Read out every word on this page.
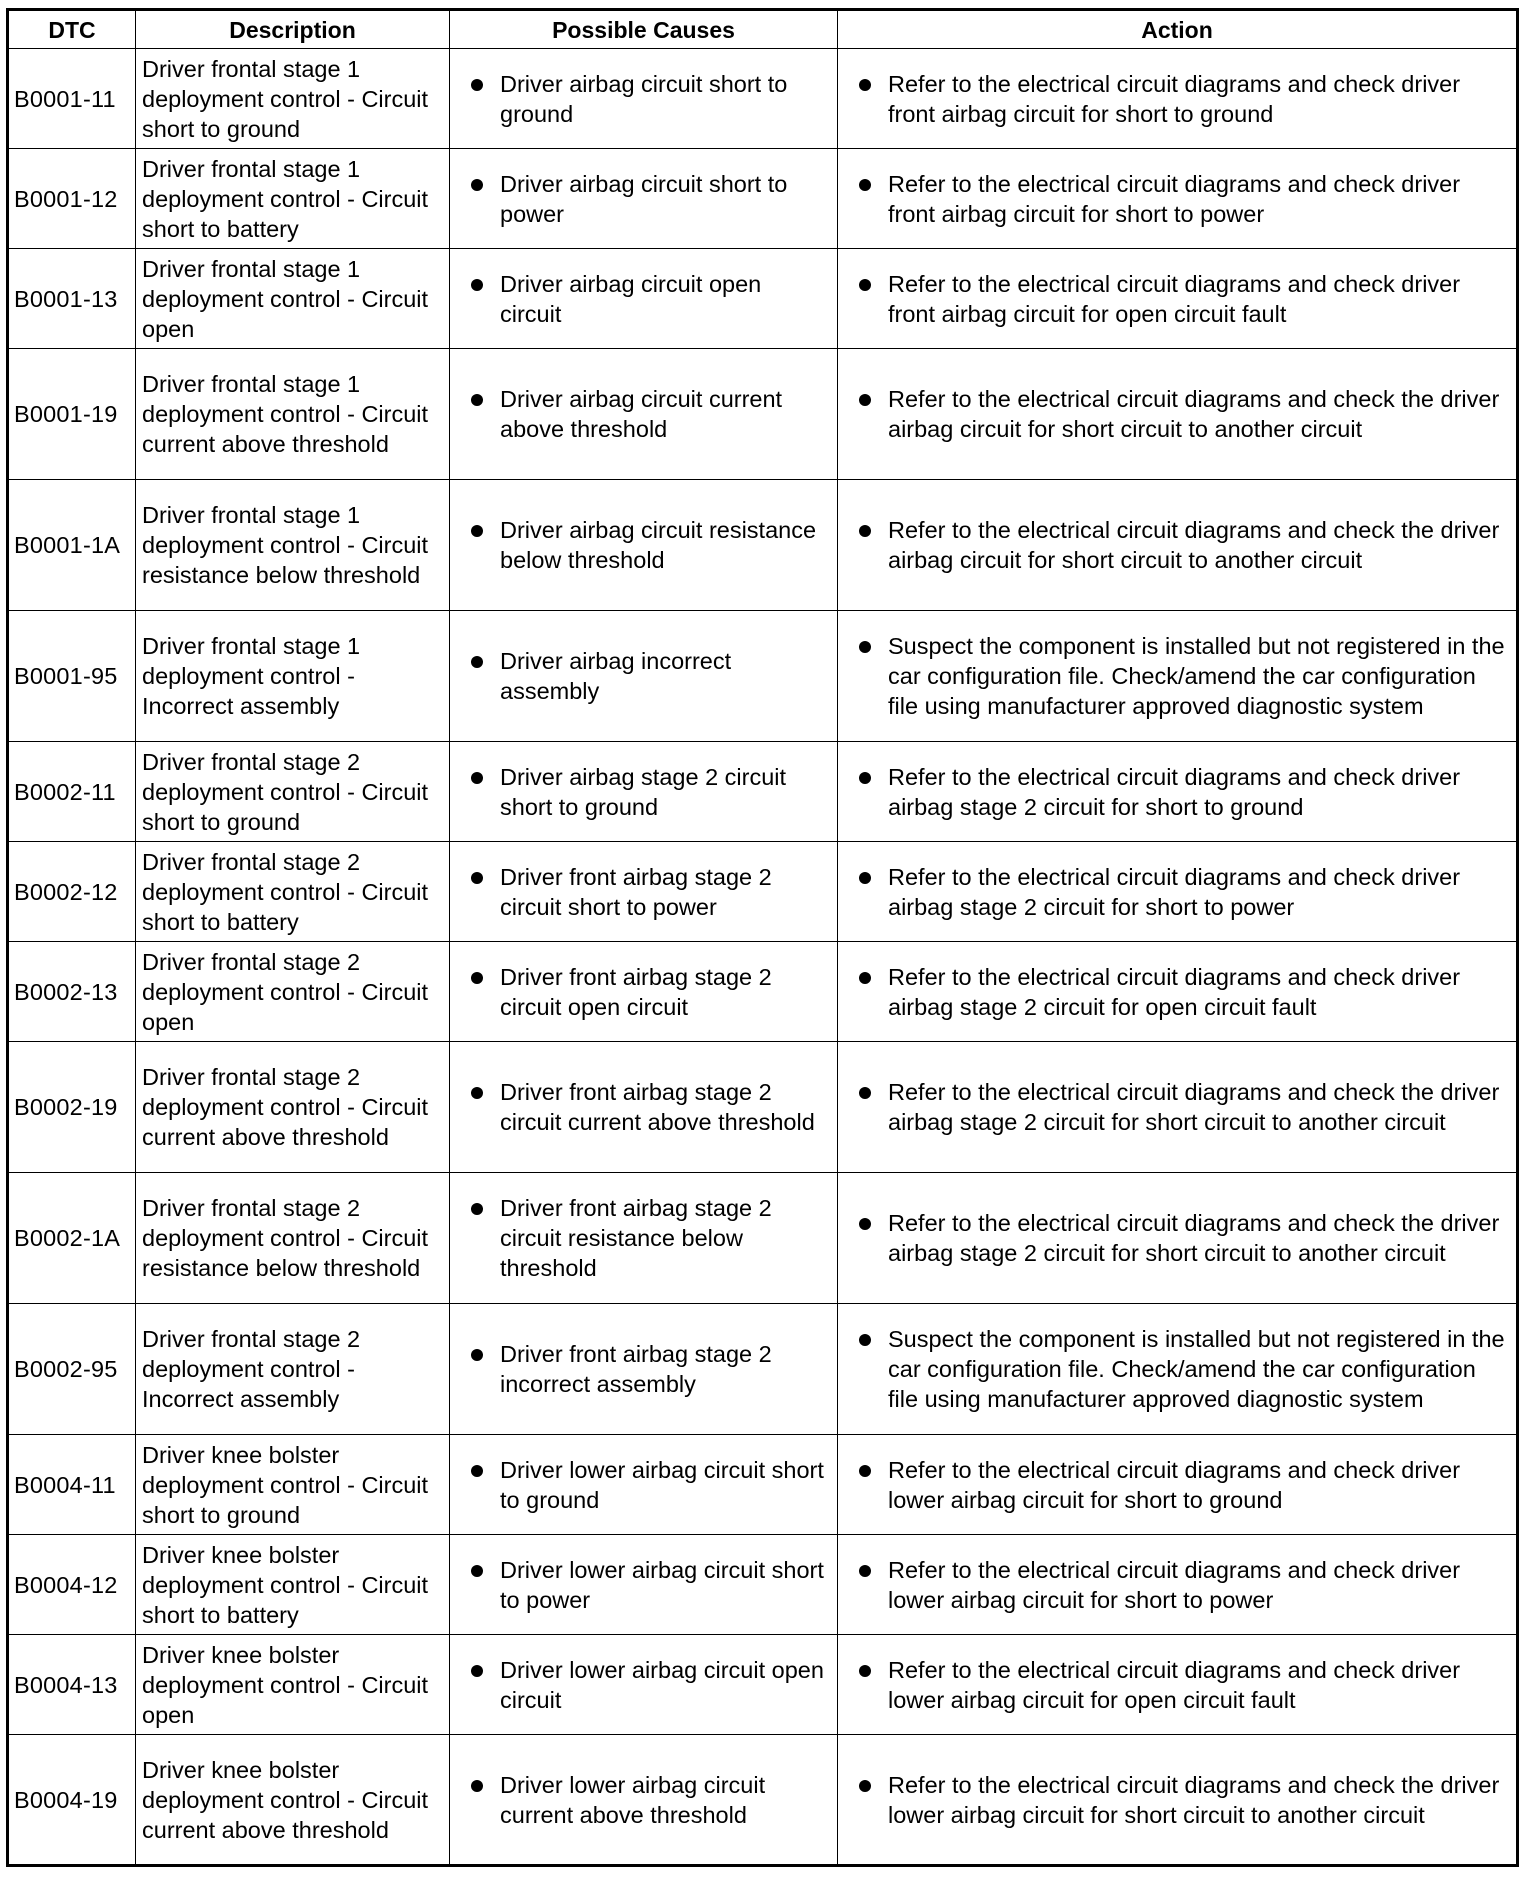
DTC	Description	Possible Causes	Action
B0001-11	Driver frontal stage 1 deployment control - Circuit short to ground	Driver airbag circuit short to ground	Refer to the electrical circuit diagrams and check driver front airbag circuit for short to ground

B0001-12	Driver frontal stage 1 deployment control - Circuit short to battery	Driver airbag circuit short to power	Refer to the electrical circuit diagrams and check driver front airbag circuit for short to power

B0001-13	Driver frontal stage 1 deployment control - Circuit open	Driver airbag circuit open circuit	Refer to the electrical circuit diagrams and check driver front airbag circuit for open circuit fault

B0001-19	Driver frontal stage 1 deployment control - Circuit current above threshold	Driver airbag circuit current above threshold	Refer to the electrical circuit diagrams and check the driver airbag circuit for short circuit to another circuit

B0001-1A	Driver frontal stage 1 deployment control - Circuit resistance below threshold	Driver airbag circuit resistance below threshold	Refer to the electrical circuit diagrams and check the driver airbag circuit for short circuit to another circuit

B0001-95	Driver frontal stage 1 deployment control - Incorrect assembly	Driver airbag incorrect assembly	Suspect the component is installed but not registered in the car configuration file. Check/amend the car configuration file using manufacturer approved diagnostic system

B0002-11	Driver frontal stage 2 deployment control - Circuit short to ground	Driver airbag stage 2 circuit short to ground	Refer to the electrical circuit diagrams and check driver airbag stage 2 circuit for short to ground

B0002-12	Driver frontal stage 2 deployment control - Circuit short to battery	Driver front airbag stage 2 circuit short to power	Refer to the electrical circuit diagrams and check driver airbag stage 2 circuit for short to power

B0002-13	Driver frontal stage 2 deployment control - Circuit open	Driver front airbag stage 2 circuit open circuit	Refer to the electrical circuit diagrams and check driver airbag stage 2 circuit for open circuit fault

B0002-19	Driver frontal stage 2 deployment control - Circuit current above threshold	Driver front airbag stage 2 circuit current above threshold	Refer to the electrical circuit diagrams and check the driver airbag stage 2 circuit for short circuit to another circuit

B0002-1A	Driver frontal stage 2 deployment control - Circuit resistance below threshold	Driver front airbag stage 2 circuit resistance below threshold	Refer to the electrical circuit diagrams and check the driver airbag stage 2 circuit for short circuit to another circuit

B0002-95	Driver frontal stage 2 deployment control - Incorrect assembly	Driver front airbag stage 2 incorrect assembly	Suspect the component is installed but not registered in the car configuration file. Check/amend the car configuration file using manufacturer approved diagnostic system

B0004-11	Driver knee bolster deployment control - Circuit short to ground	Driver lower airbag circuit short to ground	Refer to the electrical circuit diagrams and check driver lower airbag circuit for short to ground

B0004-12	Driver knee bolster deployment control - Circuit short to battery	Driver lower airbag circuit short to power	Refer to the electrical circuit diagrams and check driver lower airbag circuit for short to power

B0004-13	Driver knee bolster deployment control - Circuit open	Driver lower airbag circuit open circuit	Refer to the electrical circuit diagrams and check driver lower airbag circuit for open circuit fault

B0004-19	Driver knee bolster deployment control - Circuit current above threshold	Driver lower airbag circuit current above threshold	Refer to the electrical circuit diagrams and check the driver lower airbag circuit for short circuit to another circuit
